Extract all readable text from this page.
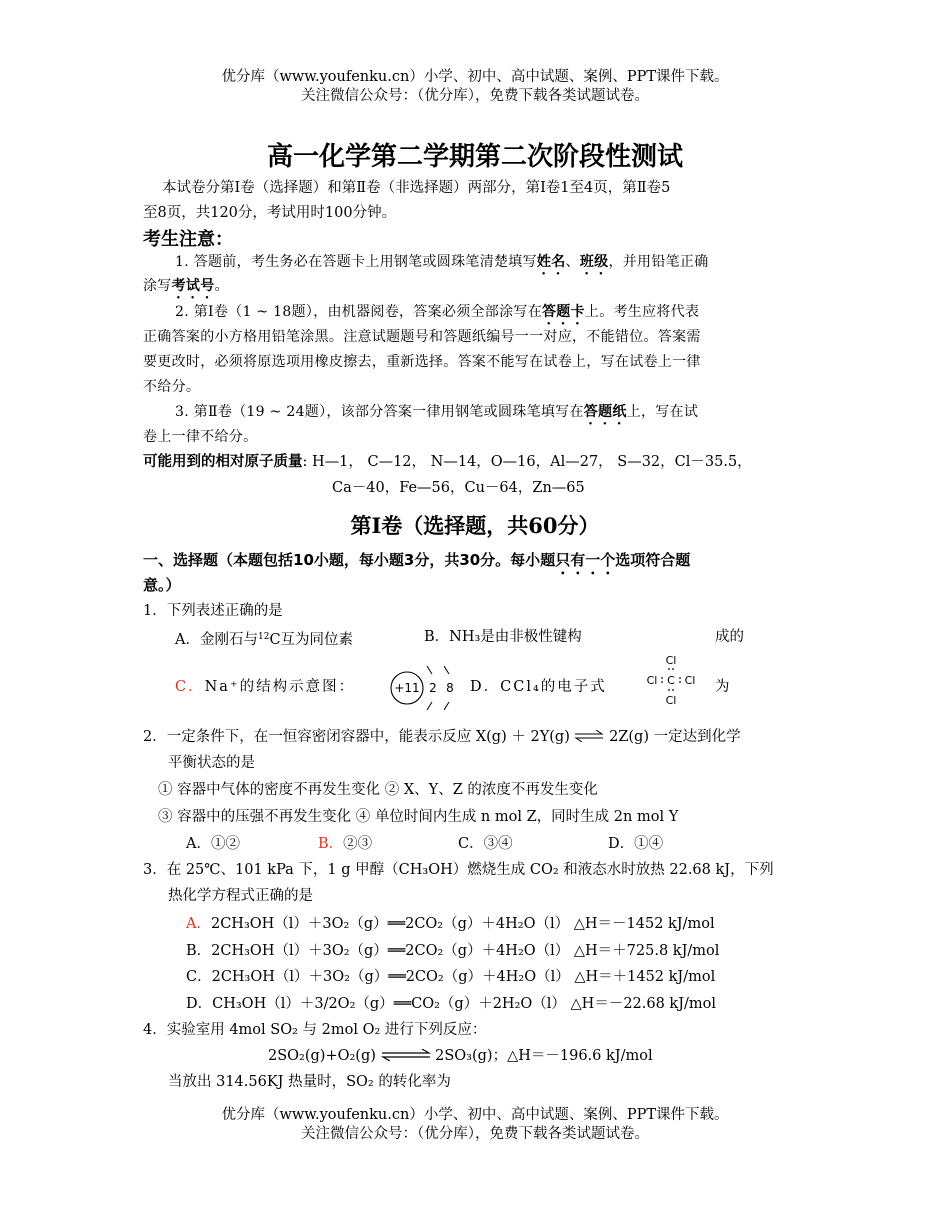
优分库（www.youfenku.cn）小学、初中、高中试题、案例、PPT课件下载。
关注微信公众号：（优分库），免费下载各类试题试卷。
高一化学第二学期第二次阶段性测试
本试卷分第Ⅰ卷（选择题）和第Ⅱ卷（非选择题）两部分，第Ⅰ卷1至4页，第Ⅱ卷5
至8页，共120分，考试用时100分钟。
考生注意：
1. 答题前，考生务必在答题卡上用钢笔或圆珠笔清楚填写姓名、班级，并用铅笔正确
涂写考试号。
2. 第Ⅰ卷（1 ~ 18题），由机器阅卷，答案必须全部涂写在答题卡上。考生应将代表
正确答案的小方格用铅笔涂黑。注意试题题号和答题纸编号一一对应，不能错位。答案需
要更改时，必须将原选项用橡皮擦去，重新选择。答案不能写在试卷上，写在试卷上一律
不给分。
3. 第Ⅱ卷（19 ~ 24题），该部分答案一律用钢笔或圆珠笔填写在答题纸上，写在试
卷上一律不给分。
可能用到的相对原子质量: H—1， C—12， N—14，O—16，Al—27， S—32，Cl－35.5，
Ca－40，Fe—56，Cu－64，Zn—65
第Ⅰ卷（选择题，共60分）
一、选择题（本题包括10小题，每小题3分，共30分。每小题只有一个选项符合题
意。）
1．下列表述正确的是
A．金刚石与$^{12}$C互为同位素	B．NH₃是由非极性键构	成的
C．Na⁺的结构示意图：	+11 2 8 D．CCl₄的电子式
Cl
Cl C Cl
Cl
为
2．一定条件下，在一恒容密闭容器中，能表示反应 X(g) ＋ 2Y(g) ⇌ 2Z(g) 一定达到化学
平衡状态的是
① 容器中气体的密度不再发生变化 ② X、Y、Z 的浓度不再发生变化
③ 容器中的压强不再发生变化 ④ 单位时间内生成 n mol Z，同时生成 2n mol Y
A．①②	B．②③	C．③④	D．①④
3．在 25℃、101 kPa 下，1 g 甲醇（CH₃OH）燃烧生成 CO₂ 和液态水时放热 22.68 kJ，下列
热化学方程式正确的是
A．2CH₃OH（l）＋3O₂（g）══2CO₂（g）＋4H₂O（l） △H＝－1452 kJ/mol
B．2CH₃OH（l）＋3O₂（g）══2CO₂（g）＋4H₂O（l） △H＝＋725.8 kJ/mol
C．2CH₃OH（l）＋3O₂（g）══2CO₂（g）＋4H₂O（l） △H＝＋1452 kJ/mol
D．CH₃OH（l）＋3/2O₂（g）══CO₂（g）＋2H₂O（l） △H＝－22.68 kJ/mol
4．实验室用 4mol SO₂ 与 2mol O₂ 进行下列反应：
2SO₂(g)+O₂(g) ⇌ 2SO₃(g)；△H＝－196.6 kJ/mol
当放出 314.56KJ 热量时，SO₂ 的转化率为
优分库（www.youfenku.cn）小学、初中、高中试题、案例、PPT课件下载。
关注微信公众号：（优分库），免费下载各类试题试卷。
